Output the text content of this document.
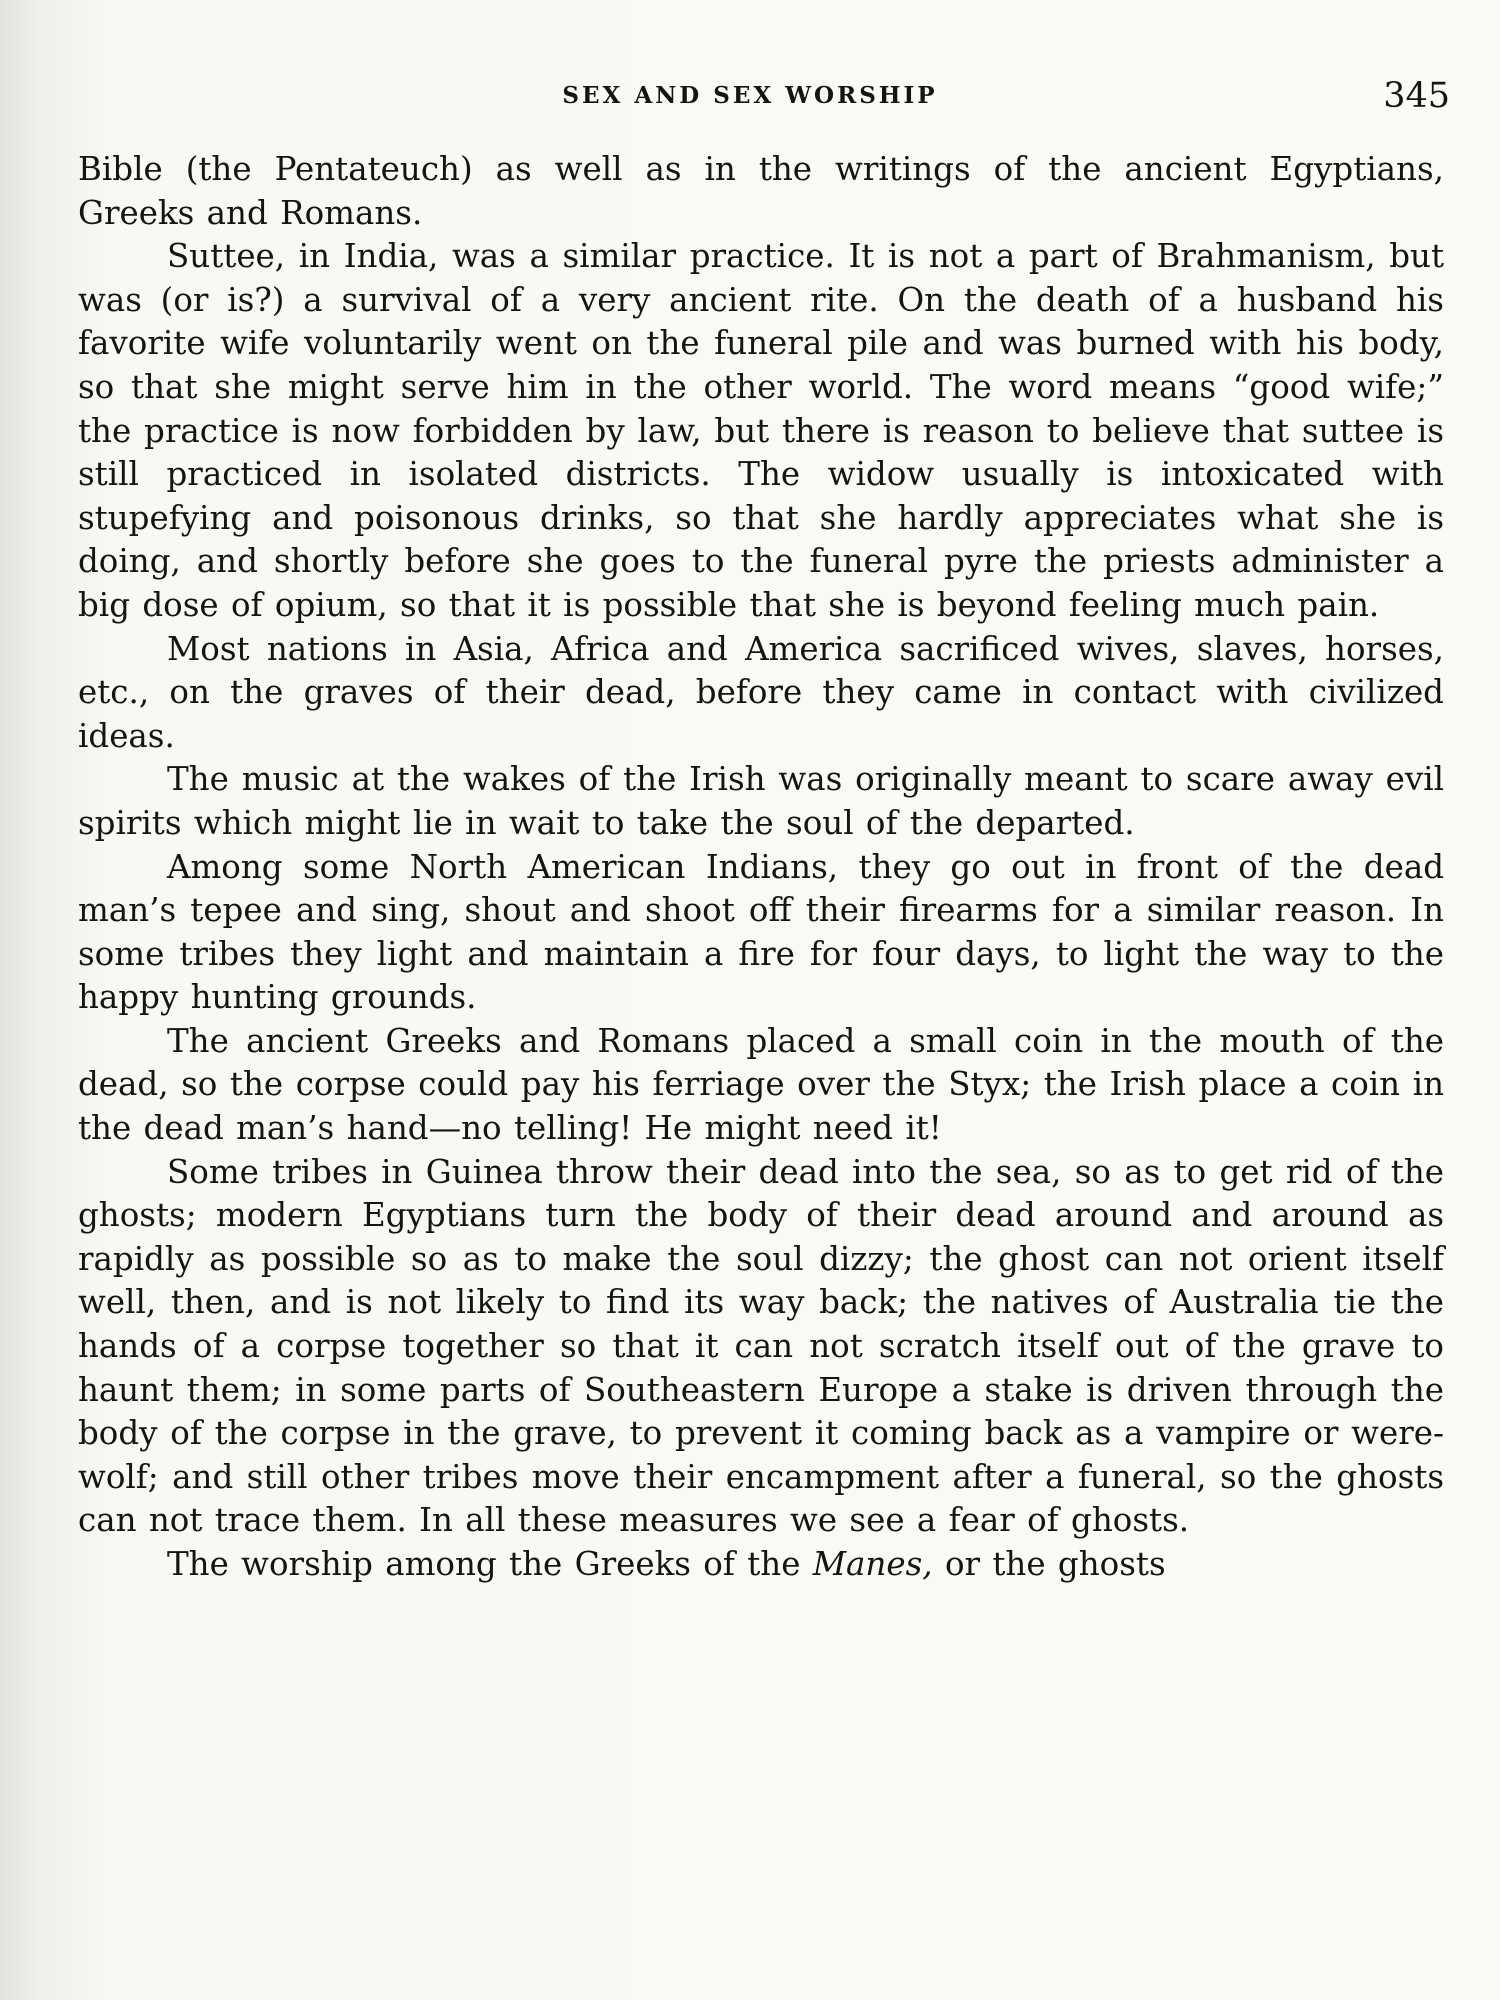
SEX AND SEX WORSHIP	345

Bible (the Pentateuch) as well as in the writings of the ancient Egyptians, Greeks and Romans.

Suttee, in India, was a similar practice. It is not a part of Brahmanism, but was (or is?) a survival of a very ancient rite. On the death of a husband his favorite wife voluntarily went on the funeral pile and was burned with his body, so that she might serve him in the other world. The word means “good wife;” the practice is now forbidden by law, but there is reason to believe that suttee is still practiced in isolated districts. The widow usually is intoxicated with stupefying and poisonous drinks, so that she hardly appreciates what she is doing, and shortly before she goes to the funeral pyre the priests administer a big dose of opium, so that it is possible that she is beyond feeling much pain.

Most nations in Asia, Africa and America sacrificed wives, slaves, horses, etc., on the graves of their dead, before they came in contact with civilized ideas.

The music at the wakes of the Irish was originally meant to scare away evil spirits which might lie in wait to take the soul of the departed.

Among some North American Indians, they go out in front of the dead man’s tepee and sing, shout and shoot off their firearms for a similar reason. In some tribes they light and maintain a fire for four days, to light the way to the happy hunting grounds.

The ancient Greeks and Romans placed a small coin in the mouth of the dead, so the corpse could pay his ferriage over the Styx; the Irish place a coin in the dead man’s hand—no telling! He might need it!

Some tribes in Guinea throw their dead into the sea, so as to get rid of the ghosts; modern Egyptians turn the body of their dead around and around as rapidly as possible so as to make the soul dizzy; the ghost can not orient itself well, then, and is not likely to find its way back; the natives of Australia tie the hands of a corpse together so that it can not scratch itself out of the grave to haunt them; in some parts of Southeastern Europe a stake is driven through the body of the corpse in the grave, to prevent it coming back as a vampire or were-wolf; and still other tribes move their encampment after a funeral, so the ghosts can not trace them. In all these measures we see a fear of ghosts.

The worship among the Greeks of the Manes, or the ghosts
